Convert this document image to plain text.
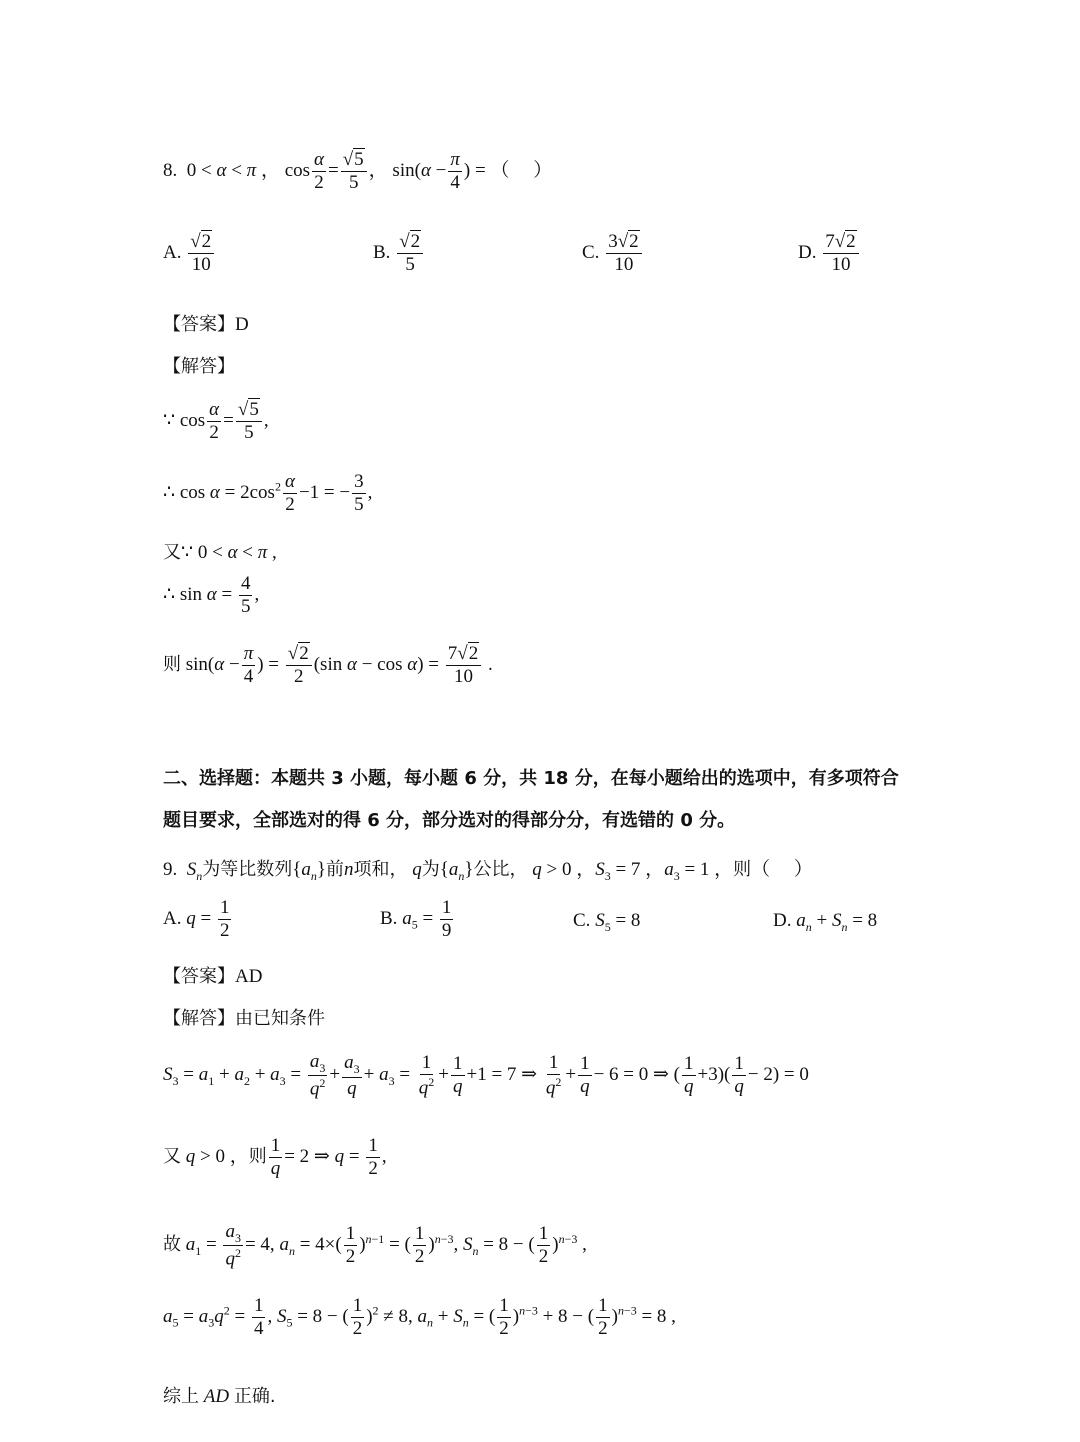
8.  0 < α < π ， $\cos \frac{\alpha}{2} = \frac{√5}{5}$ ， $\sin(\alpha - \frac{\pi}{4}$ ) = （     ）
A. $\frac{√2}{10}$	B. $\frac{√2}{5}$	C. $\frac{3√2}{10}$	D. $\frac{7√2}{10}$
【答案】D
【解答】
∵ $\cos \frac{\alpha}{2} = \frac{√5}{5}$ ,
∴ $\cos \alpha = 2\cos^2 \frac{\alpha}{2} -1$ = − $\frac{3}{5}$ ,
又∵ 0 < α < π ,
∴ $\sin \alpha = \frac{4}{5}$ ,
则 $\sin(\alpha - \frac{\pi}{4}$ ) = $\frac{√2}{2} (\sin$ $\alpha - \cos \alpha) = \frac{7√2}{10}$ .
二、选择题：本题共 3 小题，每小题 6 分，共 18 分，在每小题给出的选项中，有多项符合
题目要求，全部选对的得 6 分，部分选对的得部分分，有选错的 0 分。
9. $S_n$为等比数列$\{a_n\}$前n项和， q为$\{a_n\}$公比， q > 0 ，$S_3 = 7$ ，$a_3 = 1$ ，则（     ）
A. $q = \frac{1}{2}$	B. $a_5 = \frac{1}{9}$	C. $S_5 = 8$	D. $a_n + S_n = 8$
【答案】AD
【解答】由已知条件
$S_3 = a_1 + a_2 + a_3 = \frac{a_3}{q^2} + \frac{a_3}{q} + a_3 = \frac{1}{q^2} + \frac{1}{q} +1 = 7$ ⇒ $\frac{1}{q^2} + \frac{1}{q} - 6 = 0$ ⇒ ( $\frac{1}{q} +3)( \frac{1}{q} - 2) = 0$
又 q > 0 ，则 $\frac{1}{q} = 2$ ⇒ $q = \frac{1}{2}$ ,
故 $a_1 = \frac{a_3}{q^2} = 4$, $a_n = 4\times( \frac{1}{2} )^{n-1}$ = ( $\frac{1}{2} )^{n-3}$, $S_n = 8$ − ( $\frac{1}{2} )^{n-3}$ ,
$a_5 = a_3q^2 = \frac{1}{4}$ , $S_5 = 8$ − ( $\frac{1}{2} )^2 \ne 8$, $a_n + S_n$ = ( $\frac{1}{2} )^{n-3} + 8$ − ( $\frac{1}{2} )^{n-3} = 8$ ,
综上 AD 正确.
